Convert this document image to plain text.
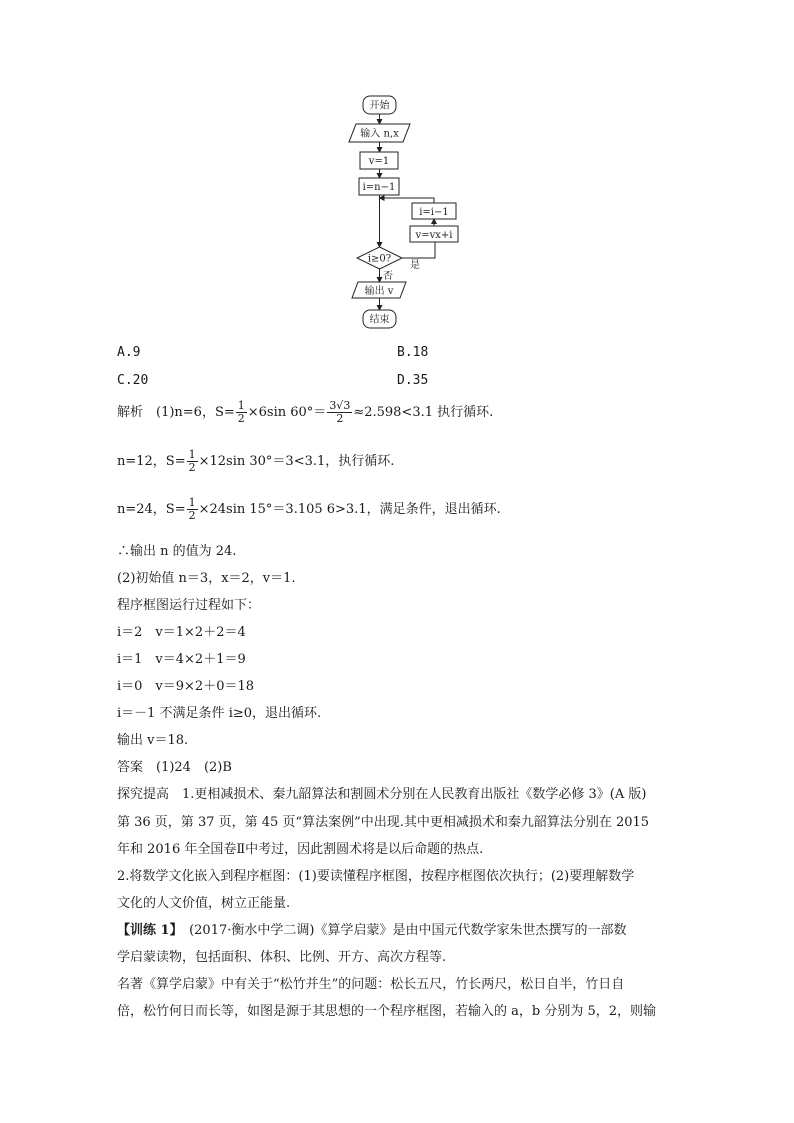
开始
输入 n,x
v=1
i=n−1
i=i−1
v=vx+i
i≥0?
是
否
输出 v
结束
A.9	B.18
C.20	D.35
解析　(1)n=6，$S= \frac{1}{2} \times 6\sin$ $60^\circ= \frac{3√3}{2} \approx 2.598<3.1$ 执行循环.
n=12，$S= \frac{1}{2} \times 12\sin$ 30°＝3<3.1，执行循环.
n=24，$S= \frac{1}{2} \times 24\sin$ 15°＝3.105 6>3.1，满足条件，退出循环.
∴输出 n 的值为 24.
(2)初始值 n＝3，x＝2，v＝1.
程序框图运行过程如下：
i＝2　v＝1×2＋2＝4
i＝1　v＝4×2＋1＝9
i＝0　v＝9×2＋0＝18
i＝－1 不满足条件 i≥0，退出循环.
输出 v＝18.
答案　(1)24　(2)B
探究提高　1.更相减损术、秦九韶算法和割圆术分别在人民教育出版社《数学必修 3》(A 版)
第 36 页，第 37 页，第 45 页“算法案例”中出现.其中更相减损术和秦九韶算法分别在 2015
年和 2016 年全国卷Ⅱ中考过，因此割圆术将是以后命题的热点.
2.将数学文化嵌入到程序框图：(1)要读懂程序框图，按程序框图依次执行；(2)要理解数学
文化的人文价值，树立正能量.
【训练 1】　(2017·衡水中学二调)《算学启蒙》是由中国元代数学家朱世杰撰写的一部数
学启蒙读物，包括面积、体积、比例、开方、高次方程等.
名著《算学启蒙》中有关于“松竹并生”的问题：松长五尺，竹长两尺，松日自半，竹日自
倍，松竹何日而长等，如图是源于其思想的一个程序框图，若输入的 a，b 分别为 5，2，则输
